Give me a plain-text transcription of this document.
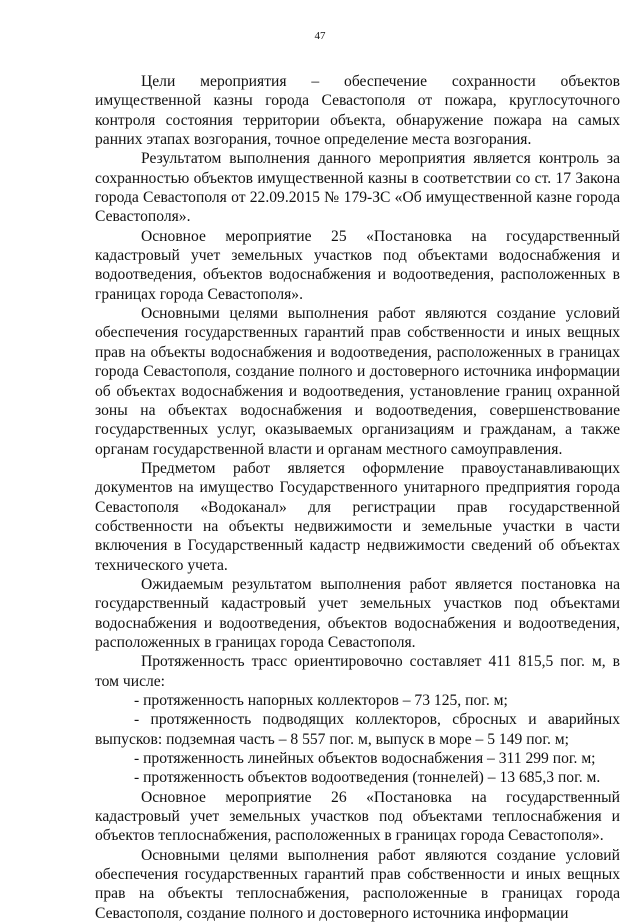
47

Цели мероприятия – обеспечение сохранности объектов имущественной казны города Севастополя от пожара, круглосуточного контроля состояния территории объекта, обнаружение пожара на самых ранних этапах возгорания, точное определение места возгорания.

Результатом выполнения данного мероприятия является контроль за сохранностью объектов имущественной казны в соответствии со ст. 17 Закона города Севастополя от 22.09.2015 № 179-ЗС «Об имущественной казне города Севастополя».

Основное мероприятие 25 «Постановка на государственный кадастровый учет земельных участков под объектами водоснабжения и водоотведения, объектов водоснабжения и водоотведения, расположенных в границах города Севастополя».

Основными целями выполнения работ являются создание условий обеспечения государственных гарантий прав собственности и иных вещных прав на объекты водоснабжения и водоотведения, расположенных в границах города Севастополя, создание полного и достоверного источника информации об объектах водоснабжения и водоотведения, установление границ охранной зоны на объектах водоснабжения и водоотведения, совершенствование государственных услуг, оказываемых организациям и гражданам, а также органам государственной власти и органам местного самоуправления.

Предметом работ является оформление правоустанавливающих документов на имущество Государственного унитарного предприятия города Севастополя «Водоканал» для регистрации прав государственной собственности на объекты недвижимости и земельные участки в части включения в Государственный кадастр недвижимости сведений об объектах технического учета.

Ожидаемым результатом выполнения работ является постановка на государственный кадастровый учет земельных участков под объектами водоснабжения и водоотведения, объектов водоснабжения и водоотведения, расположенных в границах города Севастополя.

Протяженность трасс ориентировочно составляет 411 815,5 пог. м, в том числе:

- протяженность напорных коллекторов – 73 125, пог. м;

- протяженность подводящих коллекторов, сбросных и аварийных выпусков: подземная часть – 8 557 пог. м, выпуск в море – 5 149 пог. м;

- протяженность линейных объектов водоснабжения – 311 299 пог. м;

- протяженность объектов водоотведения (тоннелей) – 13 685,3 пог. м.

Основное мероприятие 26 «Постановка на государственный кадастровый учет земельных участков под объектами теплоснабжения и объектов теплоснабжения, расположенных в границах города Севастополя».

Основными целями выполнения работ являются создание условий обеспечения государственных гарантий прав собственности и иных вещных прав на объекты теплоснабжения, расположенные в границах города Севастополя, создание полного и достоверного источника информации
